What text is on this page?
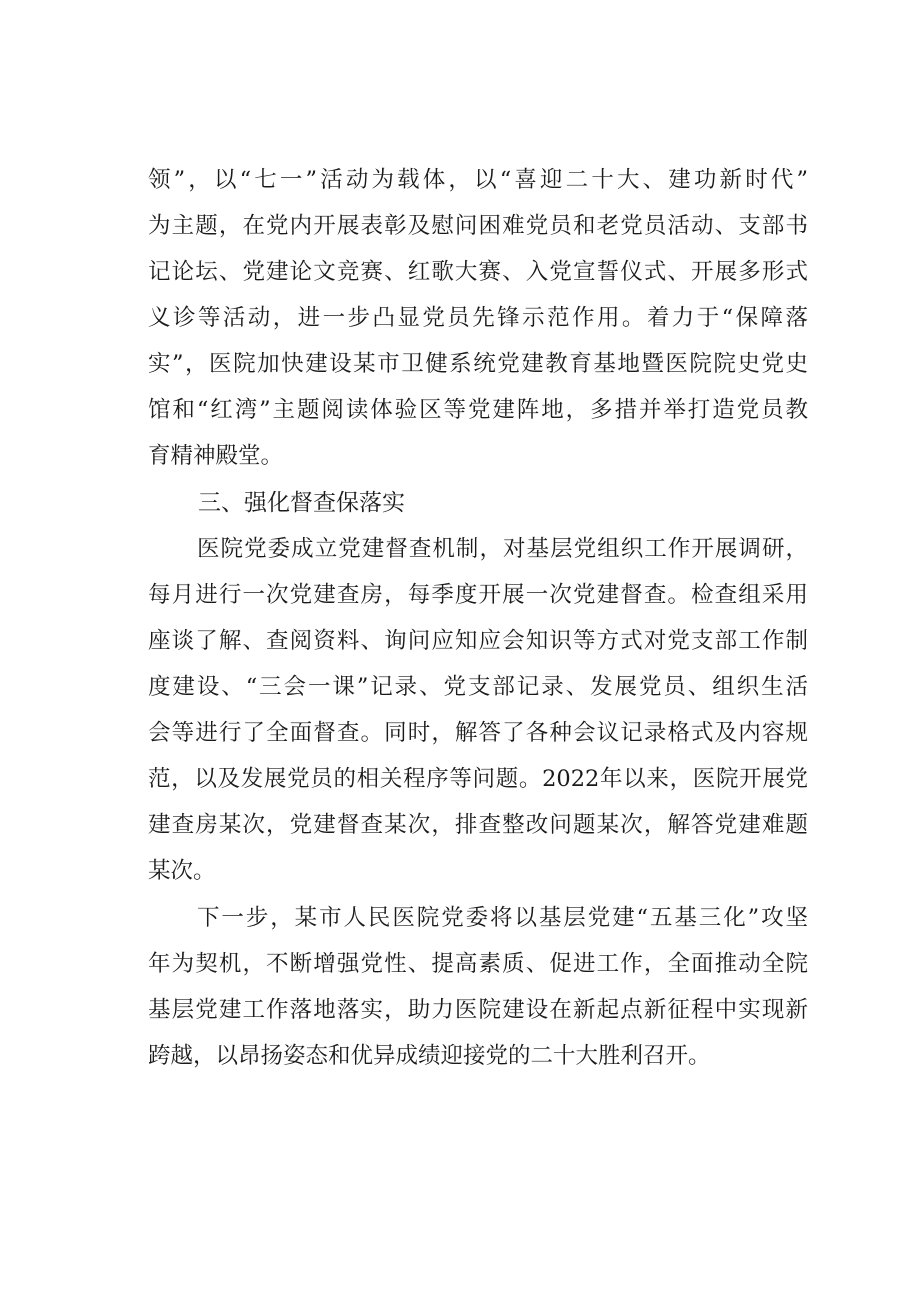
领”，以“七一”活动为载体，以“喜迎二十大、建功新时代”
为主题，在党内开展表彰及慰问困难党员和老党员活动、支部书
记论坛、党建论文竞赛、红歌大赛、入党宣誓仪式、开展多形式
义诊等活动，进一步凸显党员先锋示范作用。着力于“保障落
实”，医院加快建设某市卫健系统党建教育基地暨医院院史党史
馆和“红湾”主题阅读体验区等党建阵地，多措并举打造党员教
育精神殿堂。
三、强化督查保落实
医院党委成立党建督查机制，对基层党组织工作开展调研，
每月进行一次党建查房，每季度开展一次党建督查。检查组采用
座谈了解、查阅资料、询问应知应会知识等方式对党支部工作制
度建设、“三会一课”记录、党支部记录、发展党员、组织生活
会等进行了全面督查。同时，解答了各种会议记录格式及内容规
范，以及发展党员的相关程序等问题。2022年以来，医院开展党
建查房某次，党建督查某次，排查整改问题某次，解答党建难题
某次。
下一步，某市人民医院党委将以基层党建“五基三化”攻坚
年为契机，不断增强党性、提高素质、促进工作，全面推动全院
基层党建工作落地落实，助力医院建设在新起点新征程中实现新
跨越，以昂扬姿态和优异成绩迎接党的二十大胜利召开。
